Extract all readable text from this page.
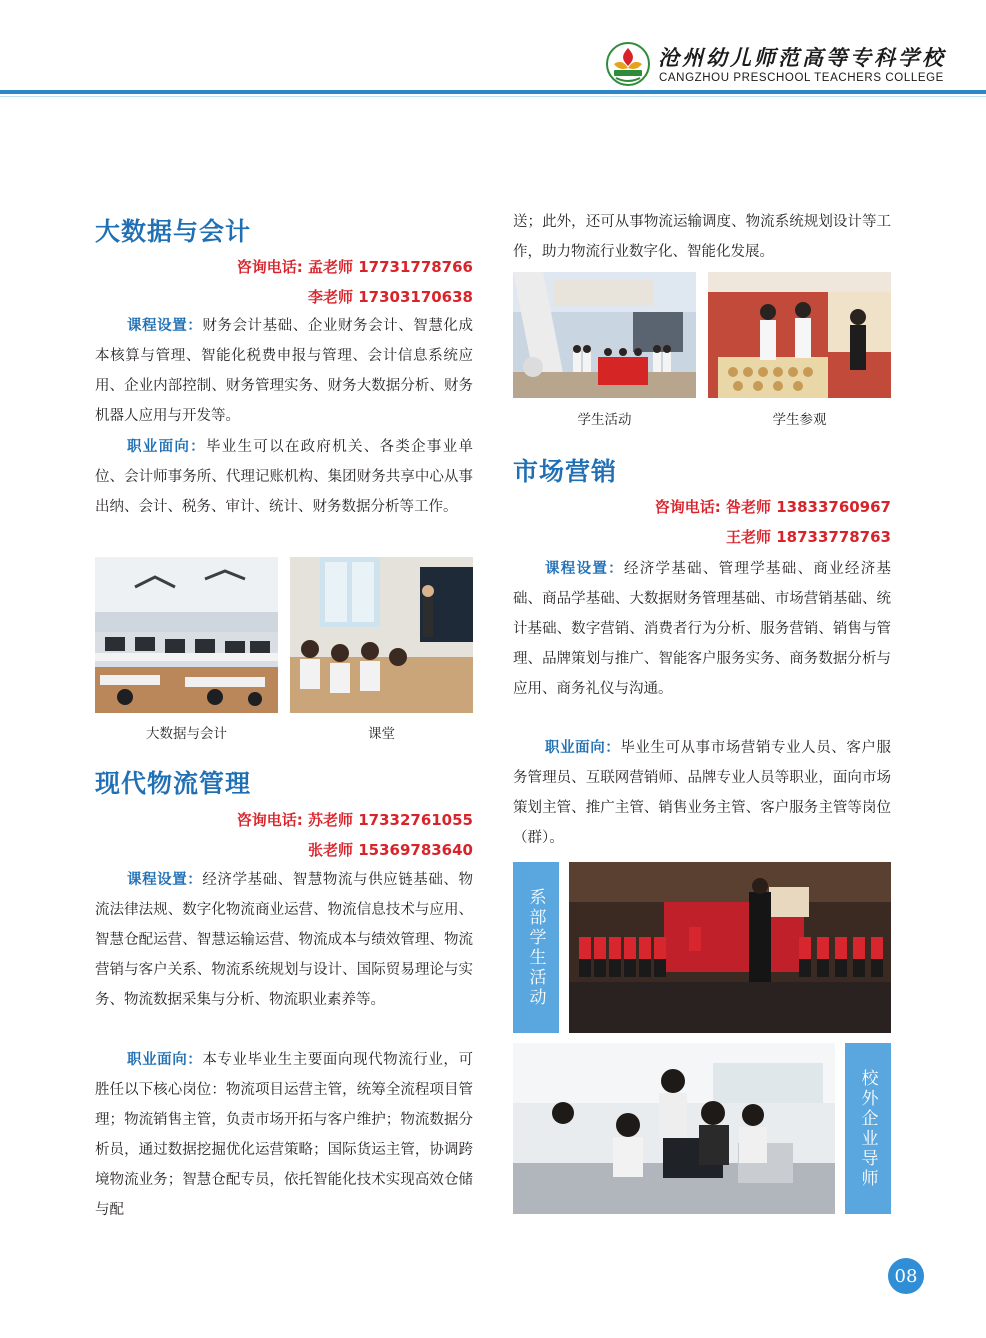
沧州幼儿师范高等专科学校
CANGZHOU PRESCHOOL TEACHERS COLLEGE
大数据与会计
咨询电话: 孟老师 17731778766
李老师 17303170638
课程设置：财务会计基础、企业财务会计、智慧化成本核算与管理、智能化税费申报与管理、会计信息系统应用、企业内部控制、财务管理实务、财务大数据分析、财务机器人应用与开发等。
职业面向：毕业生可以在政府机关、各类企事业单位、会计师事务所、代理记账机构、集团财务共享中心从事出纳、会计、税务、审计、统计、财务数据分析等工作。
大数据与会计	课堂
现代物流管理
咨询电话: 苏老师 17332761055
张老师 15369783640
课程设置：经济学基础、智慧物流与供应链基础、物流法律法规、数字化物流商业运营、物流信息技术与应用、智慧仓配运营、智慧运输运营、物流成本与绩效管理、物流营销与客户关系、物流系统规划与设计、国际贸易理论与实务、物流数据采集与分析、物流职业素养等。
职业面向：本专业毕业生主要面向现代物流行业，可胜任以下核心岗位：物流项目运营主管，统筹全流程项目管理；物流销售主管，负责市场开拓与客户维护；物流数据分析员，通过数据挖掘优化运营策略；国际货运主管，协调跨境物流业务；智慧仓配专员，依托智能化技术实现高效仓储与配
送；此外，还可从事物流运输调度、物流系统规划设计等工作，助力物流行业数字化、智能化发展。
学生活动	学生参观
市场营销
咨询电话: 咎老师 13833760967
王老师 18733778763
课程设置：经济学基础、管理学基础、商业经济基础、商品学基础、大数据财务管理基础、市场营销基础、统计基础、数字营销、消费者行为分析、服务营销、销售与管理、品牌策划与推广、智能客户服务实务、商务数据分析与应用、商务礼仪与沟通。
职业面向：毕业生可从事市场营销专业人员、客户服务管理员、互联网营销师、品牌专业人员等职业，面向市场策划主管、推广主管、销售业务主管、客户服务主管等岗位（群）。
系部学生活动
校外企业导师
08
